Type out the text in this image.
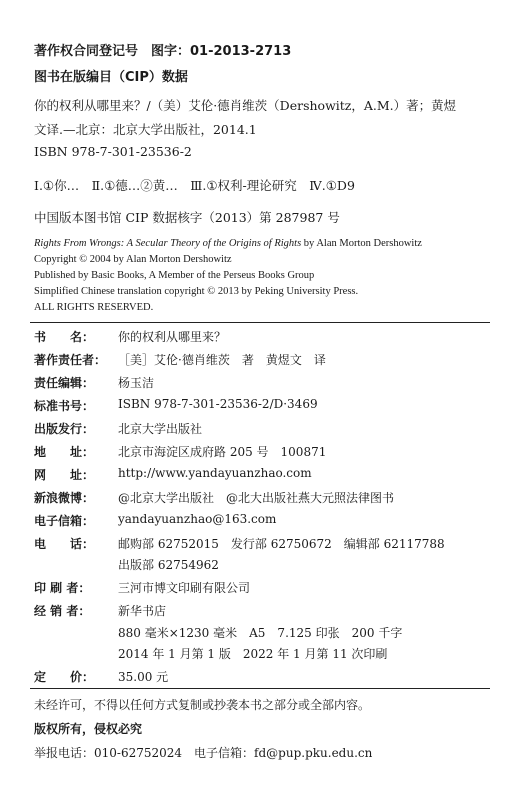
著作权合同登记号　图字：01-2013-2713
图书在版编目（CIP）数据
你的权利从哪里来？/（美）艾伦·德肖维茨（Dershowitz，A.M.）著；黄煜
文译.—北京：北京大学出版社，2014.1
ISBN 978-7-301-23536-2
Ⅰ.①你…　Ⅱ.①德…②黄…　Ⅲ.①权利-理论研究　Ⅳ.①D9
中国版本图书馆 CIP 数据核字（2013）第 287987 号
Rights From Wrongs: A Secular Theory of the Origins of Rights by Alan Morton Dershowitz
Copyright © 2004 by Alan Morton Dershowitz
Published by Basic Books, A Member of the Perseus Books Group
Simplified Chinese translation copyright © 2013 by Peking University Press.
ALL RIGHTS RESERVED.
书　　名：	你的权利从哪里来？
著作责任者： ［美］艾伦·德肖维茨　著　黄煜文　译
责任编辑：	杨玉洁
标准书号：	ISBN 978-7-301-23536-2/D·3469
出版发行：	北京大学出版社
地　　址：	北京市海淀区成府路 205 号　100871
网　　址：	http://www.yandayuanzhao.com
新浪微博：	@北京大学出版社　@北大出版社燕大元照法律图书
电子信箱：	yandayuanzhao@163.com
电　　话：	邮购部 62752015　发行部 62750672　编辑部 62117788
出版部 62754962
印 刷 者：	三河市博文印刷有限公司
经 销 者：	新华书店
880 毫米×1230 毫米　A5　7.125 印张　200 千字
2014 年 1 月第 1 版　2022 年 1 月第 11 次印刷
定　　价：	35.00 元
未经许可，不得以任何方式复制或抄袭本书之部分或全部内容。
版权所有，侵权必究
举报电话：010-62752024　电子信箱：fd@pup.pku.edu.cn
